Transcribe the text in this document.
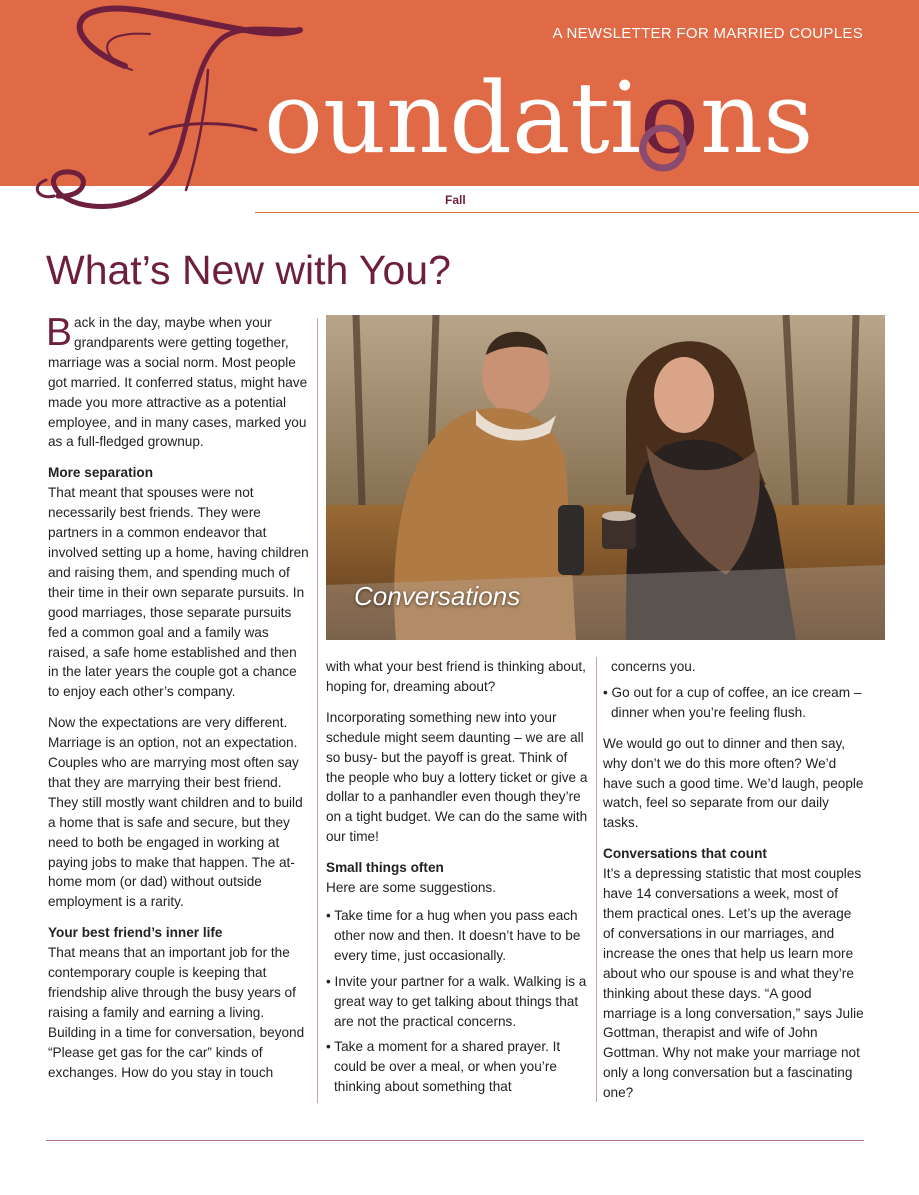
A NEWSLETTER FOR MARRIED COUPLES
oundati
o ns
Fall
What’s New with You?

Back in the day, maybe when your grandparents were getting together, marriage was a social norm. Most people got married. It conferred status, might have made you more attractive as a potential employee, and in many cases, marked you as a full-fledged grownup.

More separation

That meant that spouses were not necessarily best friends. They were partners in a common endeavor that involved setting up a home, having children and raising them, and spending much of their time in their own separate pursuits. In good marriages, those separate pursuits fed a common goal and a family was raised, a safe home established and then in the later years the couple got a chance to enjoy each other’s company.

Now the expectations are very different. Marriage is an option, not an expectation. Couples who are marrying most often say that they are marrying their best friend. They still mostly want children and to build a home that is safe and secure, but they need to both be engaged in working at paying jobs to make that happen. The at-home mom (or dad) without outside employment is a rarity.

Your best friend’s inner life

That means that an important job for the contemporary couple is keeping that friendship alive through the busy years of raising a family and earning a living. Building in a time for conversation, beyond “Please get gas for the car” kinds of exchanges. How do you stay in touch

Conversations

with what your best friend is thinking about, hoping for, dreaming about?

Incorporating something new into your schedule might seem daunting – we are all so busy- but the payoff is great. Think of the people who buy a lottery ticket or give a dollar to a panhandler even though they’re on a tight budget. We can do the same with our time!

Small things often

Here are some suggestions.

• Take time for a hug when you pass each other now and then. It doesn’t have to be every time, just occasionally.

• Invite your partner for a walk. Walking is a great way to get talking about things that are not the practical concerns.

• Take a moment for a shared prayer. It could be over a meal, or when you’re thinking about something that

concerns you.

• Go out for a cup of coffee, an ice cream – dinner when you’re feeling flush.

We would go out to dinner and then say, why don’t we do this more often? We’d have such a good time. We’d laugh, people watch, feel so separate from our daily tasks.

Conversations that count

It’s a depressing statistic that most couples have 14 conversations a week, most of them practical ones. Let’s up the average of conversations in our marriages, and increase the ones that help us learn more about who our spouse is and what they’re thinking about these days. “A good marriage is a long conversation,” says Julie Gottman, therapist and wife of John Gottman. Why not make your marriage not only a long conversation but a fascinating one?
